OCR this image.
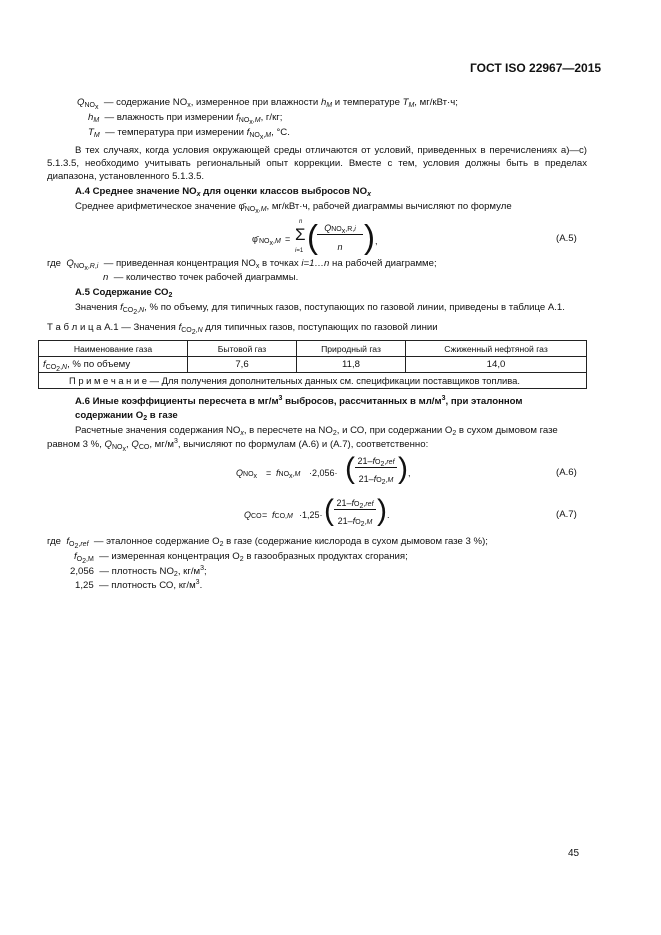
ГОСТ ISO 22967—2015
$Q_{NO_x}$ — содержание $NO_x$, измеренное при влажности $h_M$ и температуре $T_M$, мг/кВт·ч;
$h_M$ — влажность при измерении $f_{NO_x,M}$, г/кг;
$T_M$ — температура при измерении $f_{NO_x,M}$, °C.
В тех случаях, когда условия окружающей среды отличаются от условий, приведенных в перечислениях а)—с) 5.1.3.5, необходимо учитывать региональный опыт коррекции. Вместе с тем, условия должны быть в пределах диапазона, установленного 5.1.3.5.
А.4 Среднее значение $NO_x$ для оценки классов выбросов $NO_x$
Среднее арифметическое значение $\varphī_{NO_x,M}$, мг/кВт·ч, рабочей диаграммы вычисляют по формуле
φ̄ $NO_x,M$ =
n
Σ
i=1 ( $QNO_x,R,i$
n ) ,	(А.5)
где $Q_{NO_x,R,i}$ — приведенная концентрация $NO_x$ в точках i=1…n на рабочей диаграмме;
n — количество точек рабочей диаграммы.
А.5 Содержание $СО_2$
Значения $f_{CO_2,N}$, % по объему, для типичных газов, поступающих по газовой линии, приведены в таблице А.1.
Т а б л и ц а А.1 — Значения $f_{CO_2,N}$ для типичных газов, поступающих по газовой линии
Наименование газа	Бытовой газ	Природный газ	Сжиженный нефтяной газ
$f_{CO_2,N}$, % по объему	7,6	11,8	14,0
П р и м е ч а н и е — Для получения дополнительных данных см. спецификации поставщиков топлива.			
А.6 Иные коэффициенты пересчета в $мг/м^3$ выбросов, рассчитанных в $мл/м^3$, при эталонном
содержании $О_2$ в газе
Расчетные значения содержания $NO_x$, в пересчете на $NO_2$, и СО, при содержании $О_2$ в сухом дымовом газе
равном 3 %, $Q_{NO_x}$, $Q_{CO}$, $мг/м^3$, вычисляют по формулам (А.6) и (А.7), соответственно:
$QNO_x = fNO_x,M \cdot 2,056\cdot$ ( $21-fO_2,ref$
$21-fO_2,M$ ) ,	(А.6)
QCO = fCO,M ·1,25· ( $21-fO_2,ref$
$21-fO_2,M$ ) .	(А.7)
где $f_{O_2,ref}$ — эталонное содержание $О_2$ в газе (содержание кислорода в сухом дымовом газе 3 %);
$f_{O_2,M}$ — измеренная концентрация $О_2$ в газообразных продуктах сгорания;
2,056 — плотность $NO_2$, $кг/м^3$;
1,25 — плотность СО, $кг/м^3$.
45
